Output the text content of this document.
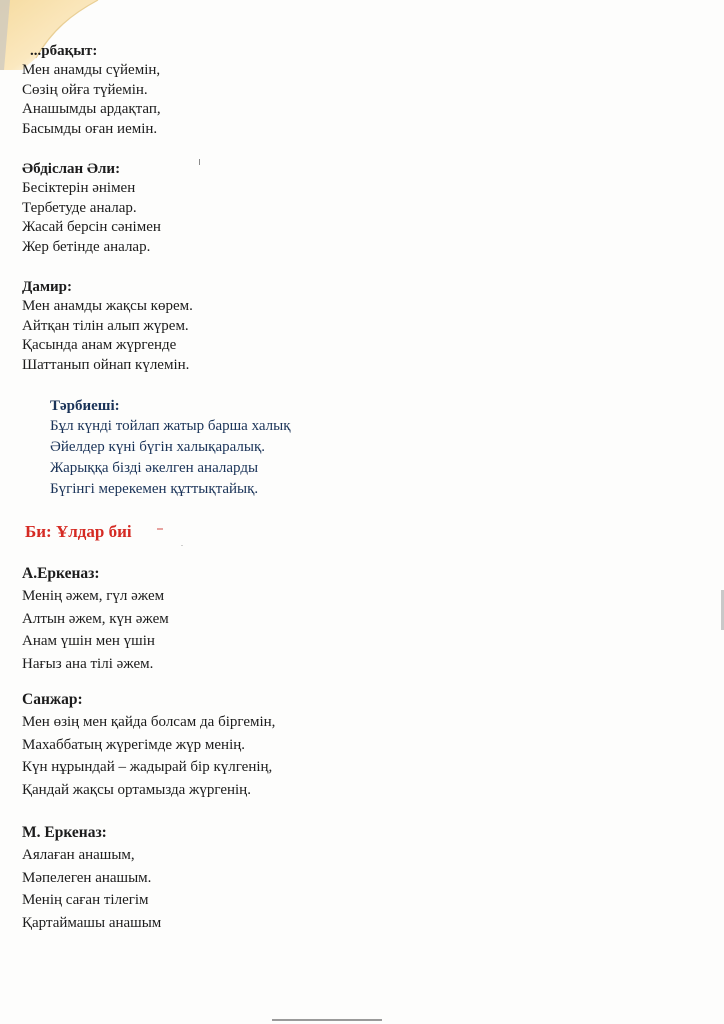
...рбақыт:

Мен анамды сүйемін,

Сөзің ойға түйемін.

Анашымды ардақтап,

Басымды оған иемін.

Әбдіслан Әли:

Бесіктерін әнімен

Тербетуде аналар.

Жасай берсін сәнімен

Жер бетінде аналар.

Дамир:

Мен анамды жақсы көрем.

Айтқан тілін алып жүрем.

Қасында анам жүргенде

Шаттанып ойнап күлемін.

Тәрбиеші:

Бұл күнді тойлап жатыр барша халық

Әйелдер күні бүгін халықаралық.

Жарыққа бізді әкелген аналарды

Бүгінгі мерекемен құттықтайық.

Би: Ұлдар биі

А.Еркеназ:

Менің әжем, гүл әжем

Алтын әжем, күн әжем

Анам үшін мен үшін

Нағыз ана тілі әжем.

Санжар:

Мен өзің мен қайда болсам да біргемін,

Махаббатың жүрегімде жүр менің.

Күн нұрындай – жадырай бір күлгенің,

Қандай жақсы ортамызда жүргенің.

М. Еркеназ:

Аялаған анашым,

Мәпелеген анашым.

Менің саған тілегім

Қартаймашы анашым
